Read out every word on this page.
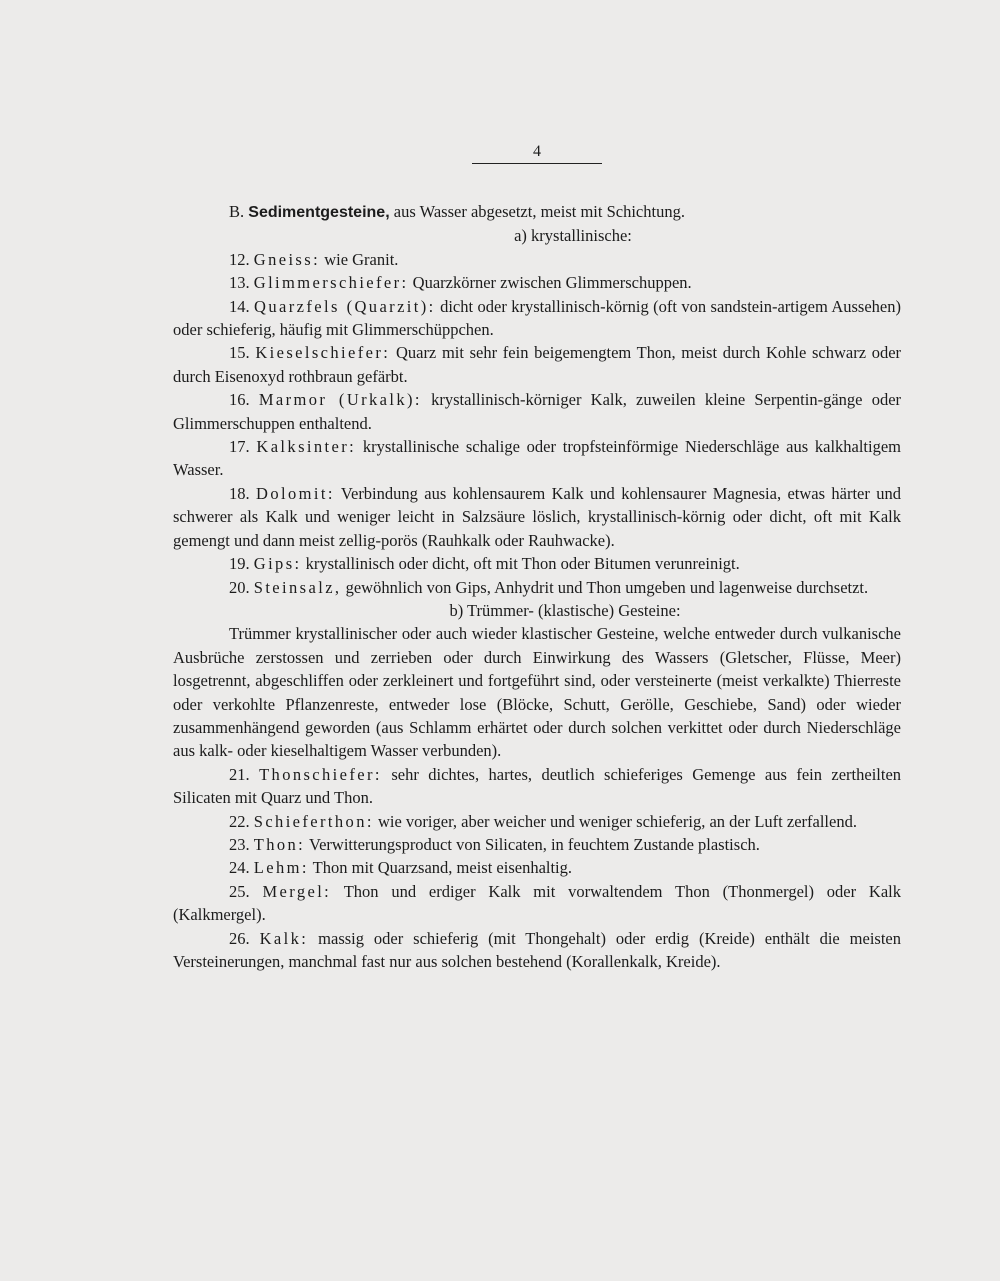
4

B. Sedimentgesteine, aus Wasser abgesetzt, meist mit Schichtung.

a) krystallinische:

12. Gneiss: wie Granit.

13. Glimmerschiefer: Quarzkörner zwischen Glimmerschuppen.

14. Quarzfels (Quarzit): dicht oder krystallinisch-körnig (oft von sandstein-artigem Aussehen) oder schieferig, häufig mit Glimmerschüppchen.

15. Kieselschiefer: Quarz mit sehr fein beigemengtem Thon, meist durch Kohle schwarz oder durch Eisenoxyd rothbraun gefärbt.

16. Marmor (Urkalk): krystallinisch-körniger Kalk, zuweilen kleine Serpentin-gänge oder Glimmerschuppen enthaltend.

17. Kalksinter: krystallinische schalige oder tropfsteinförmige Niederschläge aus kalkhaltigem Wasser.

18. Dolomit: Verbindung aus kohlensaurem Kalk und kohlensaurer Magnesia, etwas härter und schwerer als Kalk und weniger leicht in Salzsäure löslich, krystallinisch-körnig oder dicht, oft mit Kalk gemengt und dann meist zellig-porös (Rauhkalk oder Rauhwacke).

19. Gips: krystallinisch oder dicht, oft mit Thon oder Bitumen verunreinigt.

20. Steinsalz, gewöhnlich von Gips, Anhydrit und Thon umgeben und lagenweise durchsetzt.

b) Trümmer- (klastische) Gesteine:

Trümmer krystallinischer oder auch wieder klastischer Gesteine, welche entweder durch vulkanische Ausbrüche zerstossen und zerrieben oder durch Einwirkung des Wassers (Gletscher, Flüsse, Meer) losgetrennt, abgeschliffen oder zerkleinert und fortgeführt sind, oder versteinerte (meist verkalkte) Thierreste oder verkohlte Pflanzenreste, entweder lose (Blöcke, Schutt, Gerölle, Geschiebe, Sand) oder wieder zusammenhängend geworden (aus Schlamm erhärtet oder durch solchen verkittet oder durch Niederschläge aus kalk- oder kieselhaltigem Wasser verbunden).

21. Thonschiefer: sehr dichtes, hartes, deutlich schieferiges Gemenge aus fein zertheilten Silicaten mit Quarz und Thon.

22. Schieferthon: wie voriger, aber weicher und weniger schieferig, an der Luft zerfallend.

23. Thon: Verwitterungsproduct von Silicaten, in feuchtem Zustande plastisch.

24. Lehm: Thon mit Quarzsand, meist eisenhaltig.

25. Mergel: Thon und erdiger Kalk mit vorwaltendem Thon (Thonmergel) oder Kalk (Kalkmergel).

26. Kalk: massig oder schieferig (mit Thongehalt) oder erdig (Kreide) enthält die meisten Versteinerungen, manchmal fast nur aus solchen bestehend (Korallenkalk, Kreide).
